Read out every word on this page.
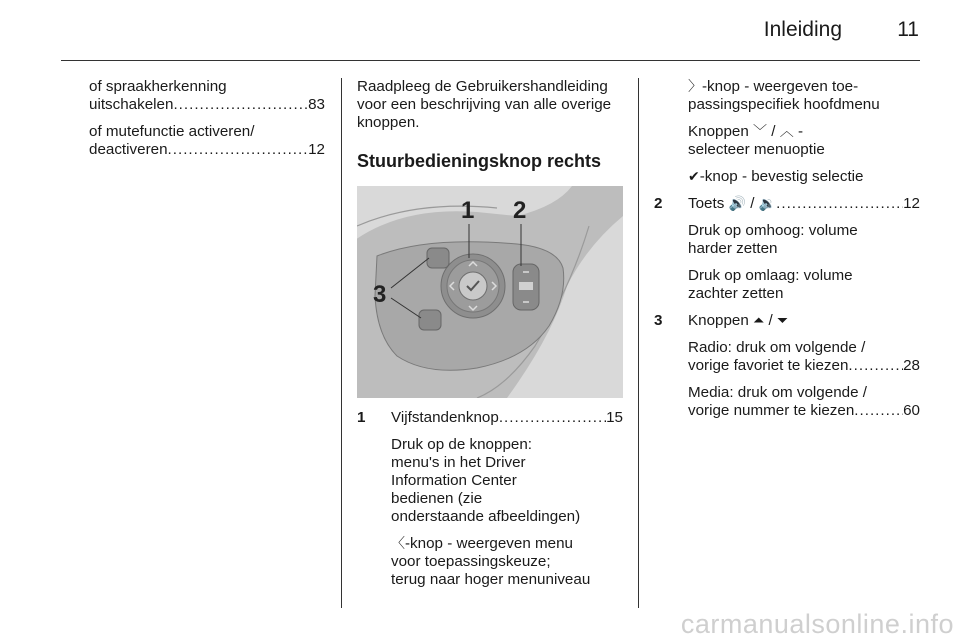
Inleiding	11

of spraakherkenning

uitschakelen .....	83

of mutefunctie activeren/

deactiveren .....	12

Raadpleeg de Gebruikershandleiding voor een beschrijving van alle overige knoppen.

Stuurbedieningsknop rechts
1 2
3
1 Vijfstandenknop .....	15

Druk op de knoppen:
menu's in het Driver
Information Center
bedienen (zie
onderstaande afbeeldingen)

〈-knop - weergeven menu
voor toepassingskeuze;
terug naar hoger menuniveau

〉-knop - weergeven toe-
passingspecifiek hoofdmenu

Knoppen ﹀ / ︿ -
selecteer menuoptie

✔-knop - bevestig selectie

2 Toets 🔊 / 🔉 .....	12

Druk op omhoog: volume
harder zetten

Druk op omlaag: volume
zachter zetten

3 Knoppen ⏶ / ⏷

Radio: druk om volgende /

vorige favoriet te kiezen .....	28

Media: druk om volgende /

vorige nummer te kiezen .....	60

carmanualsonline.info
